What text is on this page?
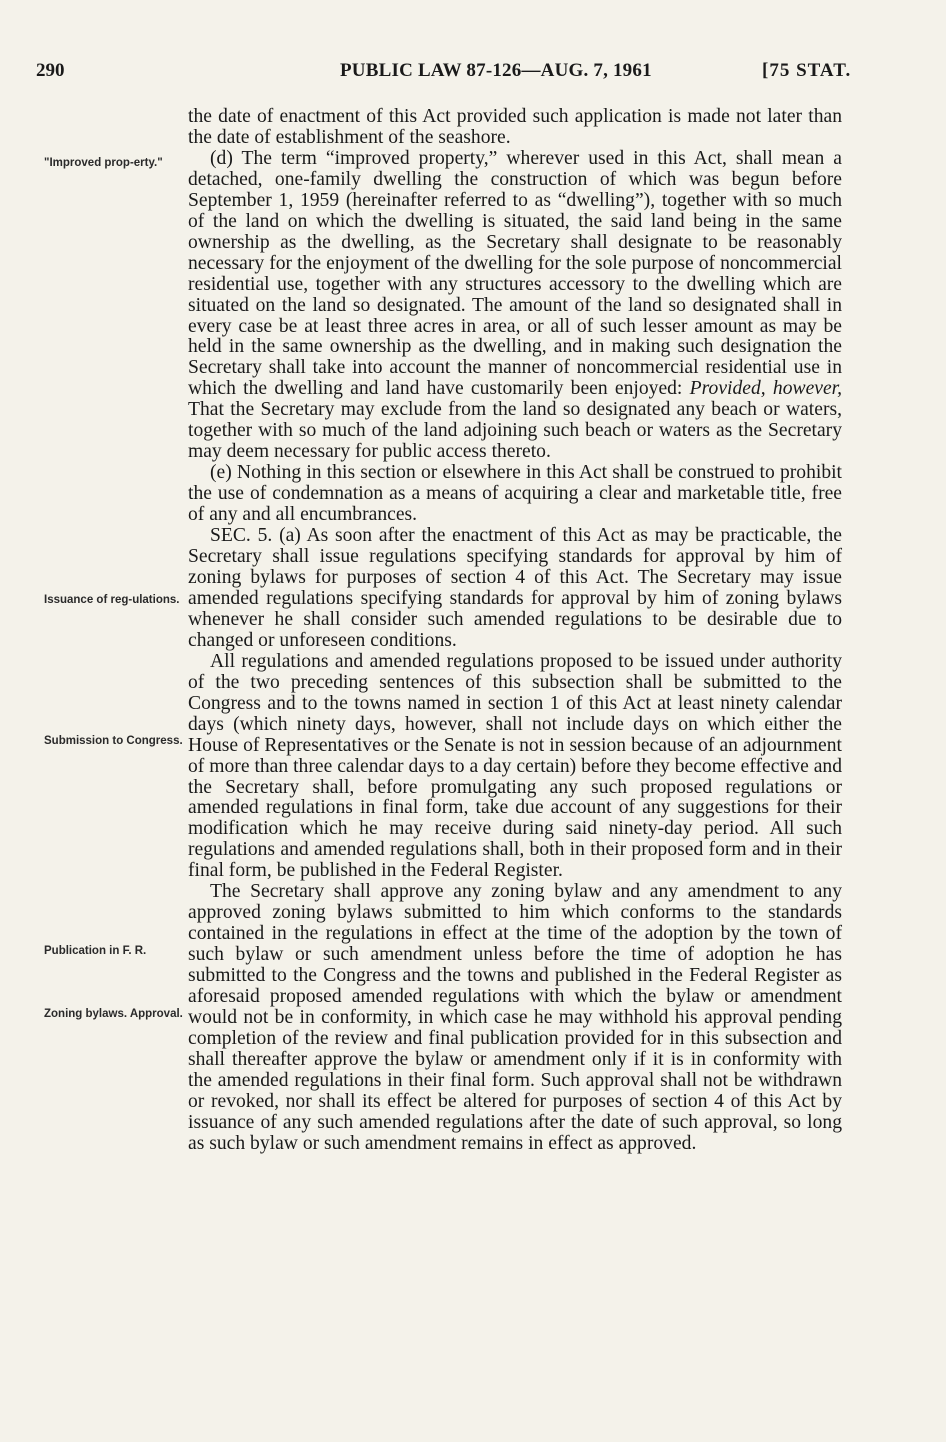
290	PUBLIC LAW 87-126—AUG. 7, 1961	[75 STAT.
"Improved prop-erty."
Issuance of reg-ulations.
Submission to Congress.
Publication in F. R.
Zoning bylaws. Approval.

the date of enactment of this Act provided such application is made not later than the date of establishment of the seashore.

(d) The term “improved property,” wherever used in this Act, shall mean a detached, one-family dwelling the construction of which was begun before September 1, 1959 (hereinafter referred to as “dwelling”), together with so much of the land on which the dwelling is situated, the said land being in the same ownership as the dwelling, as the Secretary shall designate to be reasonably necessary for the enjoyment of the dwelling for the sole purpose of noncommercial residential use, together with any structures accessory to the dwelling which are situated on the land so designated. The amount of the land so designated shall in every case be at least three acres in area, or all of such lesser amount as may be held in the same ownership as the dwelling, and in making such designation the Secretary shall take into account the manner of noncommercial residential use in which the dwelling and land have customarily been enjoyed: Provided, however, That the Secretary may exclude from the land so designated any beach or waters, together with so much of the land adjoining such beach or waters as the Secretary may deem necessary for public access thereto.

(e) Nothing in this section or elsewhere in this Act shall be construed to prohibit the use of condemnation as a means of acquiring a clear and marketable title, free of any and all encumbrances.

SEC. 5. (a) As soon after the enactment of this Act as may be practicable, the Secretary shall issue regulations specifying standards for approval by him of zoning bylaws for purposes of section 4 of this Act. The Secretary may issue amended regulations specifying standards for approval by him of zoning bylaws whenever he shall consider such amended regulations to be desirable due to changed or unforeseen conditions.

All regulations and amended regulations proposed to be issued under authority of the two preceding sentences of this subsection shall be submitted to the Congress and to the towns named in section 1 of this Act at least ninety calendar days (which ninety days, however, shall not include days on which either the House of Representatives or the Senate is not in session because of an adjournment of more than three calendar days to a day certain) before they become effective and the Secretary shall, before promulgating any such proposed regulations or amended regulations in final form, take due account of any suggestions for their modification which he may receive during said ninety-day period. All such regulations and amended regulations shall, both in their proposed form and in their final form, be published in the Federal Register.

The Secretary shall approve any zoning bylaw and any amendment to any approved zoning bylaws submitted to him which conforms to the standards contained in the regulations in effect at the time of the adoption by the town of such bylaw or such amendment unless before the time of adoption he has submitted to the Congress and the towns and published in the Federal Register as aforesaid proposed amended regulations with which the bylaw or amendment would not be in conformity, in which case he may withhold his approval pending completion of the review and final publication provided for in this subsection and shall thereafter approve the bylaw or amendment only if it is in conformity with the amended regulations in their final form. Such approval shall not be withdrawn or revoked, nor shall its effect be altered for purposes of section 4 of this Act by issuance of any such amended regulations after the date of such approval, so long as such bylaw or such amendment remains in effect as approved.
